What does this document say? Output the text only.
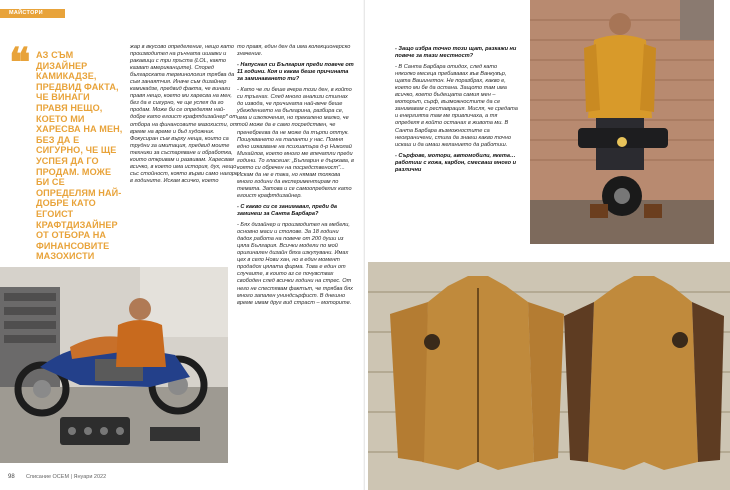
МАЙСТОРИ
❝ АЗ СЪМ ДИЗАЙНЕР КАМИКАДЗЕ, ПРЕДВИД ФАКТА, ЧЕ ВИНАГИ ПРАВЯ НЕЩО, КОЕТО МИ ХАРЕСВА НА МЕН, БЕЗ ДА Е СИГУРНО, ЧЕ ЩЕ УСПЕЯ ДА ГО ПРОДАМ. МОЖЕ БИ СЕ ОПРЕДЕЛЯМ НАЙ-ДОБРЕ КАТО ЕГОИСТ КРАФТДИЗАЙНЕР ОТ ОТБОРА НА ФИНАНСОВИТЕ МАЗОХИСТИ

жар в вкусово определение, нещо като производител на ръчната ишавки и ракавици с три пръста (LOL, както казват американците). Според българската терминология трябва да съм занаятчия. Иначе съм дизайнер камикадзе, предвид факта, че винаги правя нещо, което ми харесва на мен, без да е сигурно, че ще успея да го продам. Може би се определям най-добре като егоист крафтдизайнер* от отбора на финансовите мазохисти, от време на време и бъд художник. Фокусиран съм върху неща, които са трудни за имитация, предвид моите техники за състаряване и обработка, които откривам и развивам. Харесвам всичко, в което има история, дух, нещо със стойност, която върви само нагоре в годините. Искам всичко, което

то правя, един ден да има колекционерско значение.

- Напуснал си България преди повече от 11 години. Коя и каква беше причината за заминаването ти?

- Като че ли беше вчера този ден, в който си тръгнах. След много анализи стигнах до извода, че причината най-вече беше убеждението на българина, разбира се, има и изключения, но прекалено малко, че той може да е само посредствен, че пренебрегва да не може да търпи оттук. Пошукването на таланти у нас. Помня едно изказване на психиатъра д-р Николай Михайлов, което много ме впечатли преди години. То гласеше: „Българин е държава, в която си обречен на посредственост"... Искам да не е така, но нямам толкова много години да експериментирам по темата. Затова и се самоопределих като егоист крафтдизайнер.

- С какво си се занимавал, преди да заминеш за Санта Барбара?

- Бях дизайнер и производител на мебели, основно маси и столове. За 18 години дадох работа на повече от 200 души из цяла България. Всички модели по мой оригинален дизайн бяха изкупувани. Имах цех в село Нови хан, но в един момент продадох цялата фирма. Това е един от случаите, в които аз се почувствах свободен след всички години на стрес. От него не спестявам фактът, че трябва бях много запален униндсърфист. В днешно време имам друг вид страст – моторите.

98 Списание ОСЕМ | Януари 2022

- Защо избра точно този щат, разкажи ни повече за тази местност?

- В Санта Барбара отидох, след като няколко месеца пребивавах във Ванкувър, щата Вашингтон. Не поразбрах, какво е, което ми бе да остана. Защото там има всичко, което бъдещата самия мен – моторът, сърф, възможностите да се занимавам с реставрация. Мисля, че средата и енергията там ме привличаха, а тя определя в който останах в живота ми. В Санта Барбара възможностите са неограничени, стига да знаеш какво точно искаш и да имаш желанието да работиш.

- Сърфове, мотори, автомобили, якета… работиш с кожа, карбон, смесваш много и различни
